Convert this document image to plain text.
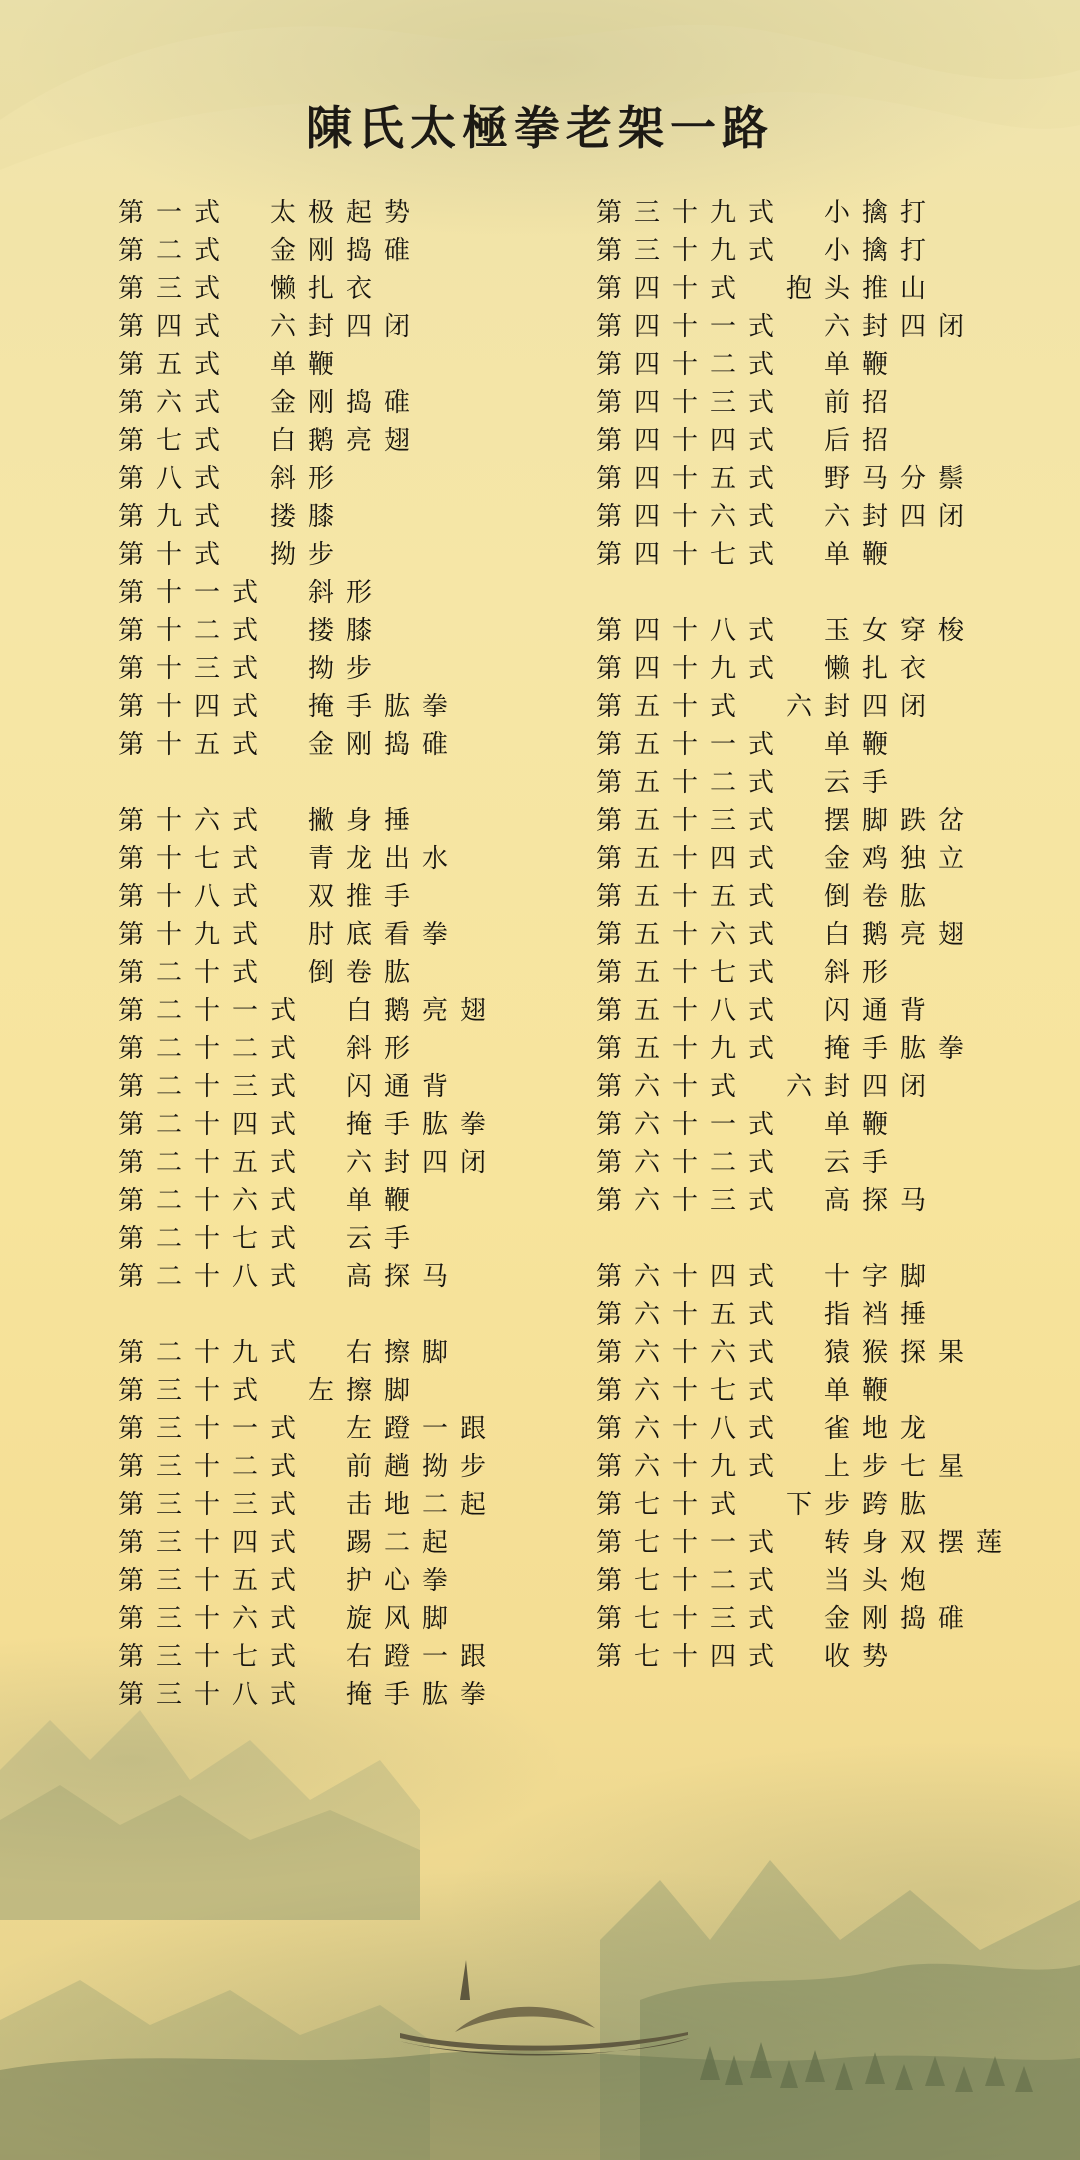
陳氏太極拳老架一路
第 一 式 太 极 起 势
第 二 式 金 刚 捣 碓
第 三 式 懒 扎 衣
第 四 式 六 封 四 闭
第 五 式 单 鞭
第 六 式 金 刚 捣 碓
第 七 式 白 鹅 亮 翅
第 八 式 斜 形
第 九 式 搂 膝
第 十 式 拗 步
第 十 一 式 斜 形
第 十 二 式 搂 膝
第 十 三 式 拗 步
第 十 四 式 掩 手 肱 拳
第 十 五 式 金 刚 捣 碓
第 十 六 式 撇 身 捶
第 十 七 式 青 龙 出 水
第 十 八 式 双 推 手
第 十 九 式 肘 底 看 拳
第 二 十 式 倒 卷 肱
第 二 十 一 式 白 鹅 亮 翅
第 二 十 二 式 斜 形
第 二 十 三 式 闪 通 背
第 二 十 四 式 掩 手 肱 拳
第 二 十 五 式 六 封 四 闭
第 二 十 六 式 单 鞭
第 二 十 七 式 云 手
第 二 十 八 式 高 探 马
第 二 十 九 式 右 擦 脚
第 三 十 式 左 擦 脚
第 三 十 一 式 左 蹬 一 跟
第 三 十 二 式 前 趟 拗 步
第 三 十 三 式 击 地 二 起
第 三 十 四 式 踢 二 起
第 三 十 五 式 护 心 拳
第 三 十 六 式 旋 风 脚
第 三 十 七 式 右 蹬 一 跟
第 三 十 八 式 掩 手 肱 拳
第 三 十 九 式 小 擒 打
第 三 十 九 式 小 擒 打
第 四 十 式 抱 头 推 山
第 四 十 一 式 六 封 四 闭
第 四 十 二 式 单 鞭
第 四 十 三 式 前 招
第 四 十 四 式 后 招
第 四 十 五 式 野 马 分 鬃
第 四 十 六 式 六 封 四 闭
第 四 十 七 式 单 鞭
第 四 十 八 式 玉 女 穿 梭
第 四 十 九 式 懒 扎 衣
第 五 十 式 六 封 四 闭
第 五 十 一 式 单 鞭
第 五 十 二 式 云 手
第 五 十 三 式 摆 脚 跌 岔
第 五 十 四 式 金 鸡 独 立
第 五 十 五 式 倒 卷 肱
第 五 十 六 式 白 鹅 亮 翅
第 五 十 七 式 斜 形
第 五 十 八 式 闪 通 背
第 五 十 九 式 掩 手 肱 拳
第 六 十 式 六 封 四 闭
第 六 十 一 式 单 鞭
第 六 十 二 式 云 手
第 六 十 三 式 高 探 马
第 六 十 四 式 十 字 脚
第 六 十 五 式 指 裆 捶
第 六 十 六 式 猿 猴 探 果
第 六 十 七 式 单 鞭
第 六 十 八 式 雀 地 龙
第 六 十 九 式 上 步 七 星
第 七 十 式 下 步 跨 肱
第 七 十 一 式 转 身 双 摆 莲
第 七 十 二 式 当 头 炮
第 七 十 三 式 金 刚 捣 碓
第 七 十 四 式 收 势
